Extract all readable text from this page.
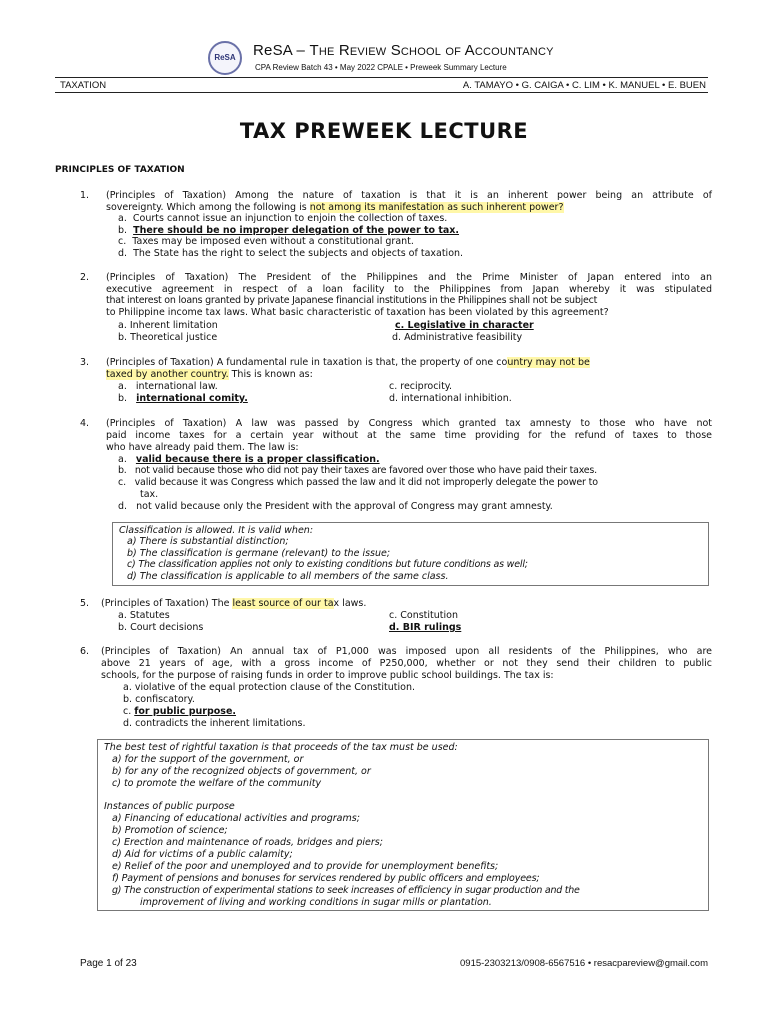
ReSA ReSA – The Review School of Accountancy
CPA Review Batch 43 • May 2022 CPALE • Preweek Summary Lecture
TAXATION	A. TAMAYO • G. CAIGA • C. LIM • K. MANUEL • E. BUEN
TAX PREWEEK LECTURE
PRINCIPLES OF TAXATION
1. (Principles of Taxation) Among the nature of taxation is that it is an inherent power being an attribute of
sovereignty. Which among the following is not among its manifestation as such inherent power?
a.  Courts cannot issue an injunction to enjoin the collection of taxes.
b.  There should be no improper delegation of the power to tax.
c.  Taxes may be imposed even without a constitutional grant.
d.  The State has the right to select the subjects and objects of taxation.
2. (Principles of Taxation) The President of the Philippines and the Prime Minister of Japan entered into an
executive agreement in respect of a loan facility to the Philippines from Japan whereby it was stipulated
that interest on loans granted by private Japanese financial institutions in the Philippines shall not be subject
to Philippine income tax laws. What basic characteristic of taxation has been violated by this agreement?
a. Inherent limitation
b. Theoretical justice
c. Legislative in character
d. Administrative feasibility
3. (Principles of Taxation) A fundamental rule in taxation is that, the property of one country may not be
taxed by another country. This is known as:
a.   international law.
b.   international comity.
c. reciprocity.
d. international inhibition.
4. (Principles of Taxation) A law was passed by Congress which granted tax amnesty to those who have not
paid income taxes for a certain year without at the same time providing for the refund of taxes to those
who have already paid them. The law is:
a.   valid because there is a proper classification.
b.   not valid because those who did not pay their taxes are favored over those who have paid their taxes.
c.   valid because it was Congress which passed the law and it did not improperly delegate the power to
tax.
d.   not valid because only the President with the approval of Congress may grant amnesty.
Classification is allowed. It is valid when:
a) There is substantial distinction;
b) The classification is germane (relevant) to the issue;
c) The classification applies not only to existing conditions but future conditions as well;
d) The classification is applicable to all members of the same class.
5. (Principles of Taxation) The least source of our tax laws.
a. Statutes
b. Court decisions
c. Constitution
d. BIR rulings
6. (Principles of Taxation) An annual tax of P1,000 was imposed upon all residents of the Philippines, who are
above 21 years of age, with a gross income of P250,000, whether or not they send their children to public
schools, for the purpose of raising funds in order to improve public school buildings. The tax is:
a. violative of the equal protection clause of the Constitution.
b. confiscatory.
c. for public purpose.
d. contradicts the inherent limitations.
The best test of rightful taxation is that proceeds of the tax must be used:
a) for the support of the government, or
b) for any of the recognized objects of government, or
c) to promote the welfare of the community
Instances of public purpose
a) Financing of educational activities and programs;
b) Promotion of science;
c) Erection and maintenance of roads, bridges and piers;
d) Aid for victims of a public calamity;
e) Relief of the poor and unemployed and to provide for unemployment benefits;
f) Payment of pensions and bonuses for services rendered by public officers and employees;
g) The construction of experimental stations to seek increases of efficiency in sugar production and the
improvement of living and working conditions in sugar mills or plantation.
Page 1 of 23	0915-2303213/0908-6567516 • resacpareview@gmail.com
